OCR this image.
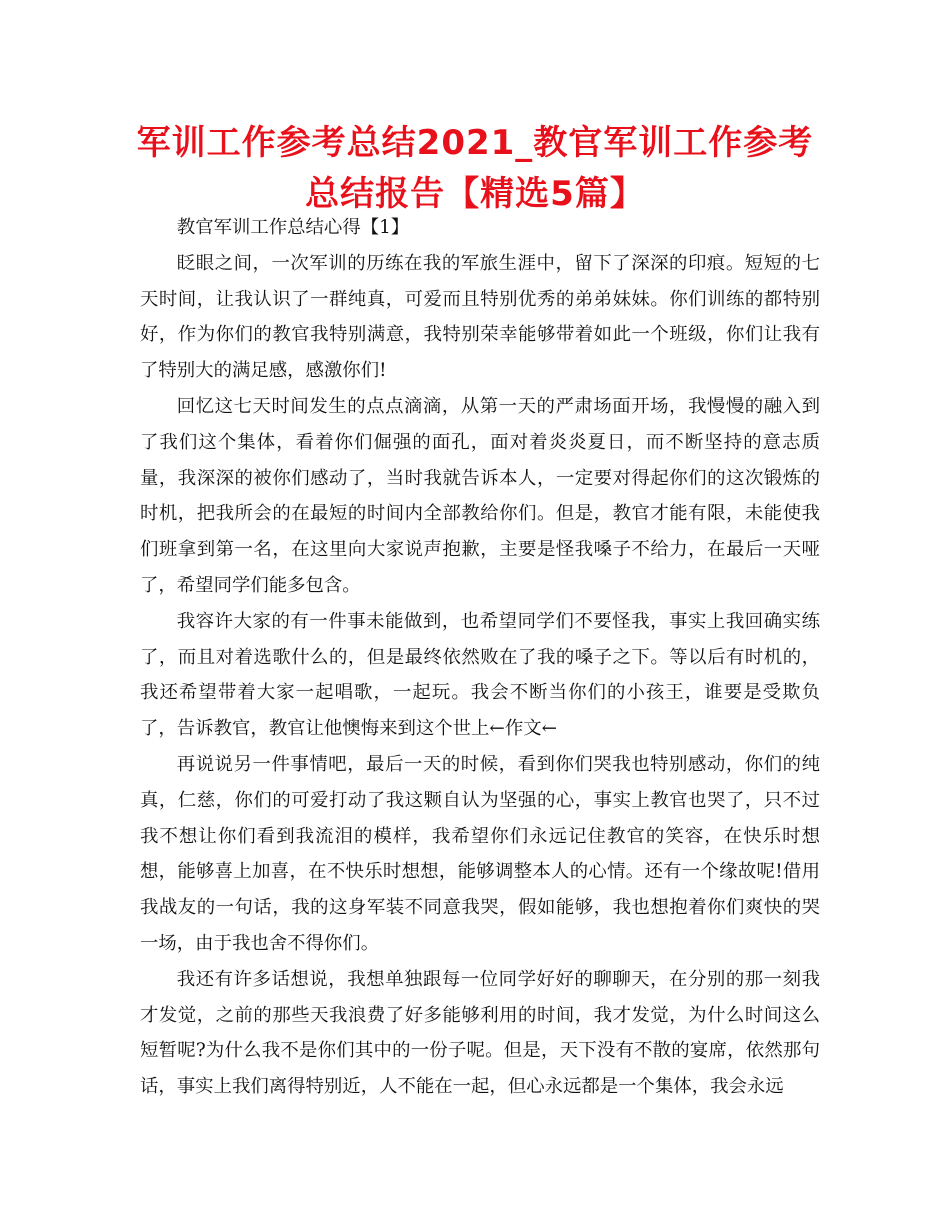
军训工作参考总结2021_教官军训工作参考总结报告【精选5篇】

教官军训工作总结心得【1】

眨眼之间，一次军训的历练在我的军旅生涯中，留下了深深的印痕。短短的七天时间，让我认识了一群纯真，可爱而且特别优秀的弟弟妹妹。你们训练的都特别好，作为你们的教官我特别满意，我特别荣幸能够带着如此一个班级，你们让我有了特别大的满足感，感激你们!

回忆这七天时间发生的点点滴滴，从第一天的严肃场面开场，我慢慢的融入到了我们这个集体，看着你们倔强的面孔，面对着炎炎夏日，而不断坚持的意志质量，我深深的被你们感动了，当时我就告诉本人，一定要对得起你们的这次锻炼的时机，把我所会的在最短的时间内全部教给你们。但是，教官才能有限，未能使我们班拿到第一名，在这里向大家说声抱歉，主要是怪我嗓子不给力，在最后一天哑了，希望同学们能多包含。

我容许大家的有一件事未能做到，也希望同学们不要怪我，事实上我回确实练了，而且对着选歌什么的，但是最终依然败在了我的嗓子之下。等以后有时机的，我还希望带着大家一起唱歌，一起玩。我会不断当你们的小孩王，谁要是受欺负了，告诉教官，教官让他懊悔来到这个世上←作文←

再说说另一件事情吧，最后一天的时候，看到你们哭我也特别感动，你们的纯真，仁慈，你们的可爱打动了我这颗自认为坚强的心，事实上教官也哭了，只不过我不想让你们看到我流泪的模样，我希望你们永远记住教官的笑容，在快乐时想想，能够喜上加喜，在不快乐时想想，能够调整本人的心情。还有一个缘故呢!借用我战友的一句话，我的这身军装不同意我哭，假如能够，我也想抱着你们爽快的哭一场，由于我也舍不得你们。

我还有许多话想说，我想单独跟每一位同学好好的聊聊天，在分别的那一刻我才发觉，之前的那些天我浪费了好多能够利用的时间，我才发觉，为什么时间这么短暂呢?为什么我不是你们其中的一份子呢。但是，天下没有不散的宴席，依然那句话，事实上我们离得特别近，人不能在一起，但心永远都是一个集体，我会永远
